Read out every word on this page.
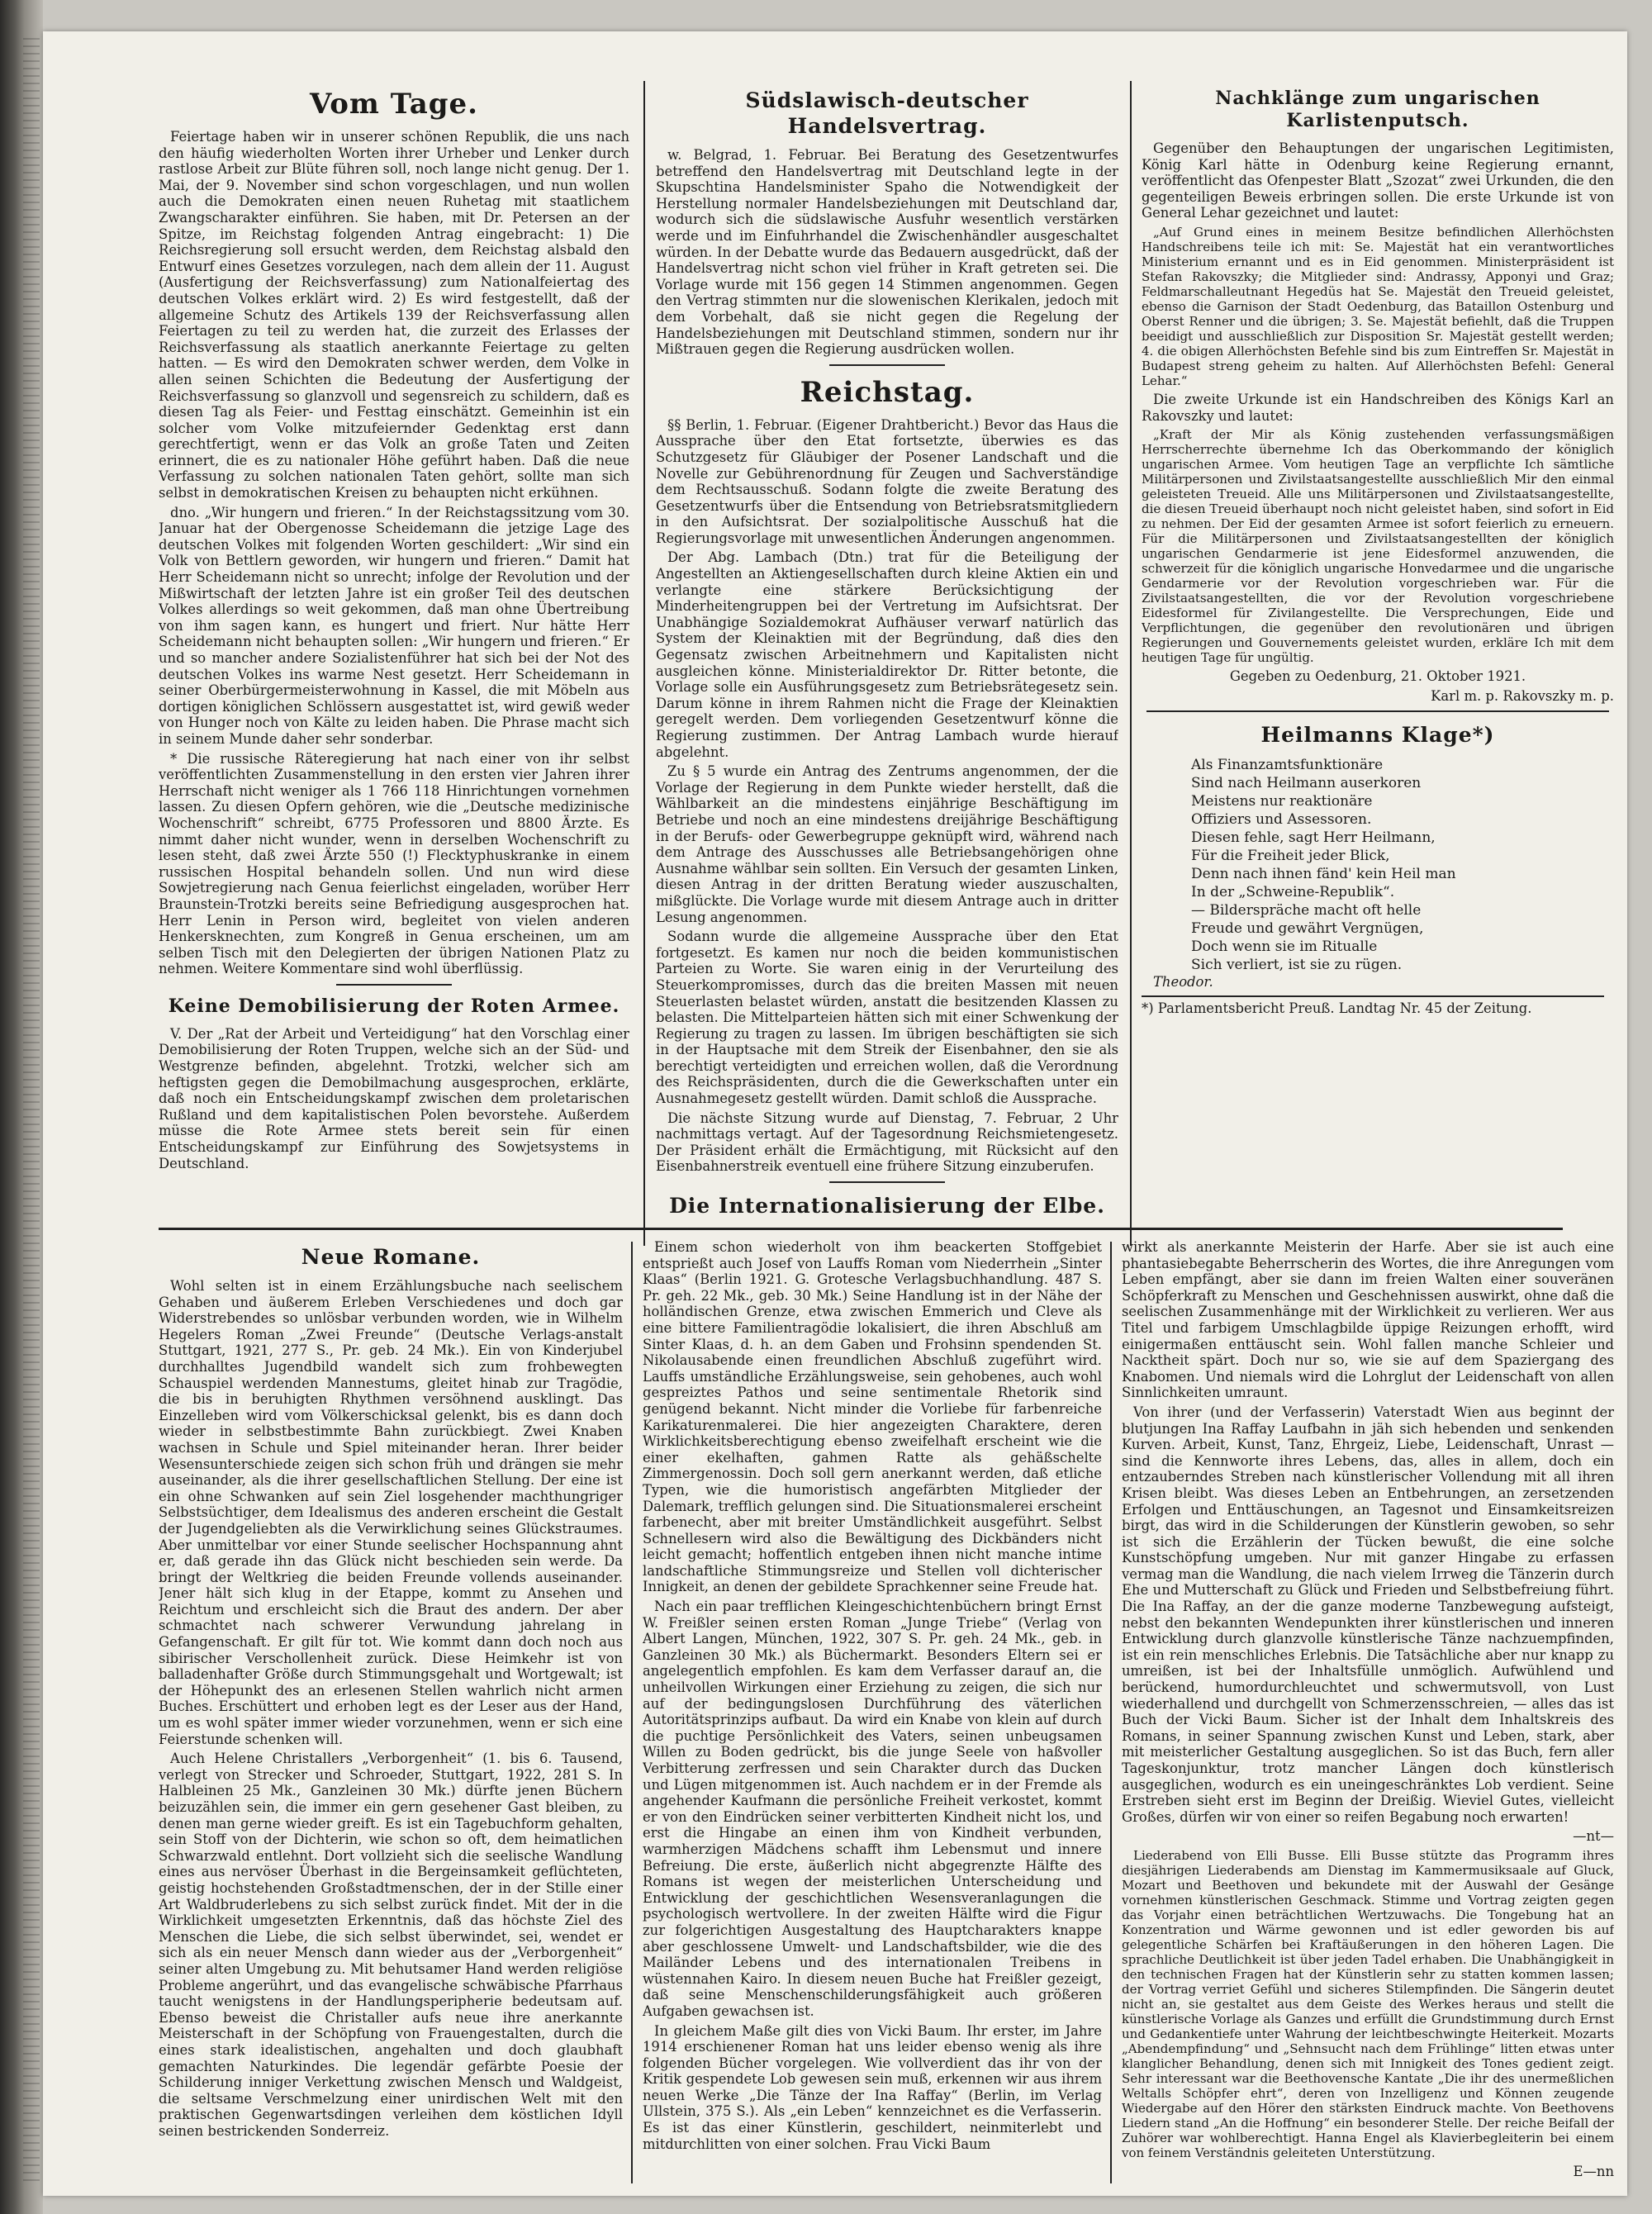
Vom Tage.

Feiertage haben wir in unserer schönen Republik, die uns nach den häufig wiederholten Worten ihrer Urheber und Lenker durch rastlose Arbeit zur Blüte führen soll, noch lange nicht genug. Der 1. Mai, der 9. November sind schon vorgeschlagen, und nun wollen auch die Demokraten einen neuen Ruhetag mit staatlichem Zwangscharakter einführen. Sie haben, mit Dr. Petersen an der Spitze, im Reichstag folgenden Antrag eingebracht: 1) Die Reichsregierung soll ersucht werden, dem Reichstag alsbald den Entwurf eines Gesetzes vorzulegen, nach dem allein der 11. August (Ausfertigung der Reichsverfassung) zum Nationalfeiertag des deutschen Volkes erklärt wird. 2) Es wird festgestellt, daß der allgemeine Schutz des Artikels 139 der Reichsverfassung allen Feiertagen zu teil zu werden hat, die zurzeit des Erlasses der Reichsverfassung als staatlich anerkannte Feiertage zu gelten hatten. — Es wird den Demokraten schwer werden, dem Volke in allen seinen Schichten die Bedeutung der Ausfertigung der Reichsverfassung so glanzvoll und segensreich zu schildern, daß es diesen Tag als Feier- und Festtag einschätzt. Gemeinhin ist ein solcher vom Volke mitzufeiernder Gedenktag erst dann gerechtfertigt, wenn er das Volk an große Taten und Zeiten erinnert, die es zu nationaler Höhe geführt haben. Daß die neue Verfassung zu solchen nationalen Taten gehört, sollte man sich selbst in demokratischen Kreisen zu behaupten nicht erkühnen.

dno. „Wir hungern und frieren.“ In der Reichstagssitzung vom 30. Januar hat der Obergenosse Scheidemann die jetzige Lage des deutschen Volkes mit folgenden Worten geschildert: „Wir sind ein Volk von Bettlern geworden, wir hungern und frieren.“ Damit hat Herr Scheidemann nicht so unrecht; infolge der Revolution und der Mißwirtschaft der letzten Jahre ist ein großer Teil des deutschen Volkes allerdings so weit gekommen, daß man ohne Übertreibung von ihm sagen kann, es hungert und friert. Nur hätte Herr Scheidemann nicht behaupten sollen: „Wir hungern und frieren.“ Er und so mancher andere Sozialistenführer hat sich bei der Not des deutschen Volkes ins warme Nest gesetzt. Herr Scheidemann in seiner Oberbürgermeisterwohnung in Kassel, die mit Möbeln aus dortigen königlichen Schlössern ausgestattet ist, wird gewiß weder von Hunger noch von Kälte zu leiden haben. Die Phrase macht sich in seinem Munde daher sehr sonderbar.

* Die russische Räteregierung hat nach einer von ihr selbst veröffentlichten Zusammenstellung in den ersten vier Jahren ihrer Herrschaft nicht weniger als 1 766 118 Hinrichtungen vornehmen lassen. Zu diesen Opfern gehören, wie die „Deutsche medizinische Wochenschrift“ schreibt, 6775 Professoren und 8800 Ärzte. Es nimmt daher nicht wunder, wenn in derselben Wochenschrift zu lesen steht, daß zwei Ärzte 550 (!) Flecktyphuskranke in einem russischen Hospital behandeln sollen. Und nun wird diese Sowjetregierung nach Genua feierlichst eingeladen, worüber Herr Braunstein-Trotzki bereits seine Befriedigung ausgesprochen hat. Herr Lenin in Person wird, begleitet von vielen anderen Henkersknechten, zum Kongreß in Genua erscheinen, um am selben Tisch mit den Delegierten der übrigen Nationen Platz zu nehmen. Weitere Kommentare sind wohl überflüssig.

Keine Demobilisierung der Roten Armee.

V. Der „Rat der Arbeit und Verteidigung“ hat den Vorschlag einer Demobilisierung der Roten Truppen, welche sich an der Süd- und Westgrenze befinden, abgelehnt. Trotzki, welcher sich am heftigsten gegen die Demobilmachung ausgesprochen, erklärte, daß noch ein Entscheidungskampf zwischen dem proletarischen Rußland und dem kapitalistischen Polen bevorstehe. Außerdem müsse die Rote Armee stets bereit sein für einen Entscheidungskampf zur Einführung des Sowjetsystems in Deutschland.

Südslawisch-deutscher Handelsvertrag.

w. Belgrad, 1. Februar. Bei Beratung des Gesetzentwurfes betreffend den Handelsvertrag mit Deutschland legte in der Skupschtina Handelsminister Spaho die Notwendigkeit der Herstellung normaler Handelsbeziehungen mit Deutschland dar, wodurch sich die südslawische Ausfuhr wesentlich verstärken werde und im Einfuhrhandel die Zwischenhändler ausgeschaltet würden. In der Debatte wurde das Bedauern ausgedrückt, daß der Handelsvertrag nicht schon viel früher in Kraft getreten sei. Die Vorlage wurde mit 156 gegen 14 Stimmen angenommen. Gegen den Vertrag stimmten nur die slowenischen Klerikalen, jedoch mit dem Vorbehalt, daß sie nicht gegen die Regelung der Handelsbeziehungen mit Deutschland stimmen, sondern nur ihr Mißtrauen gegen die Regierung ausdrücken wollen.

Reichstag.

§§ Berlin, 1. Februar. (Eigener Drahtbericht.) Bevor das Haus die Aussprache über den Etat fortsetzte, überwies es das Schutzgesetz für Gläubiger der Posener Landschaft und die Novelle zur Gebührenordnung für Zeugen und Sachverständige dem Rechtsausschuß. Sodann folgte die zweite Beratung des Gesetzentwurfs über die Entsendung von Betriebsratsmitgliedern in den Aufsichtsrat. Der sozialpolitische Ausschuß hat die Regierungsvorlage mit unwesentlichen Änderungen angenommen.

Der Abg. Lambach (Dtn.) trat für die Beteiligung der Angestellten an Aktiengesellschaften durch kleine Aktien ein und verlangte eine stärkere Berücksichtigung der Minderheitengruppen bei der Vertretung im Aufsichtsrat. Der Unabhängige Sozialdemokrat Aufhäuser verwarf natürlich das System der Kleinaktien mit der Begründung, daß dies den Gegensatz zwischen Arbeitnehmern und Kapitalisten nicht ausgleichen könne. Ministerialdirektor Dr. Ritter betonte, die Vorlage solle ein Ausführungsgesetz zum Betriebsrätegesetz sein. Darum könne in ihrem Rahmen nicht die Frage der Kleinaktien geregelt werden. Dem vorliegenden Gesetzentwurf könne die Regierung zustimmen. Der Antrag Lambach wurde hierauf abgelehnt.

Zu § 5 wurde ein Antrag des Zentrums angenommen, der die Vorlage der Regierung in dem Punkte wieder herstellt, daß die Wählbarkeit an die mindestens einjährige Beschäftigung im Betriebe und noch an eine mindestens dreijährige Beschäftigung in der Berufs- oder Gewerbegruppe geknüpft wird, während nach dem Antrage des Ausschusses alle Betriebsangehörigen ohne Ausnahme wählbar sein sollten. Ein Versuch der gesamten Linken, diesen Antrag in der dritten Beratung wieder auszuschalten, mißglückte. Die Vorlage wurde mit diesem Antrage auch in dritter Lesung angenommen.

Sodann wurde die allgemeine Aussprache über den Etat fortgesetzt. Es kamen nur noch die beiden kommunistischen Parteien zu Worte. Sie waren einig in der Verurteilung des Steuerkompromisses, durch das die breiten Massen mit neuen Steuerlasten belastet würden, anstatt die besitzenden Klassen zu belasten. Die Mittelparteien hätten sich mit einer Schwenkung der Regierung zu tragen zu lassen. Im übrigen beschäftigten sie sich in der Hauptsache mit dem Streik der Eisenbahner, den sie als berechtigt verteidigten und erreichen wollen, daß die Verordnung des Reichspräsidenten, durch die die Gewerkschaften unter ein Ausnahmegesetz gestellt würden. Damit schloß die Aussprache.

Die nächste Sitzung wurde auf Dienstag, 7. Februar, 2 Uhr nachmittags vertagt. Auf der Tagesordnung Reichsmietengesetz. Der Präsident erhält die Ermächtigung, mit Rücksicht auf den Eisenbahnerstreik eventuell eine frühere Sitzung einzuberufen.

Die Internationalisierung der Elbe.

Nachklänge zum ungarischen Karlistenputsch.

Gegenüber den Behauptungen der ungarischen Legitimisten, König Karl hätte in Odenburg keine Regierung ernannt, veröffentlicht das Ofenpester Blatt „Szozat“ zwei Urkunden, die den gegenteiligen Beweis erbringen sollen. Die erste Urkunde ist von General Lehar gezeichnet und lautet:

„Auf Grund eines in meinem Besitze befindlichen Allerhöchsten Handschreibens teile ich mit: Se. Majestät hat ein verantwortliches Ministerium ernannt und es in Eid genommen. Ministerpräsident ist Stefan Rakovszky; die Mitglieder sind: Andrassy, Apponyi und Graz; Feldmarschalleutnant Hegedüs hat Se. Majestät den Treueid geleistet, ebenso die Garnison der Stadt Oedenburg, das Bataillon Ostenburg und Oberst Renner und die übrigen; 3. Se. Majestät befiehlt, daß die Truppen beeidigt und ausschließlich zur Disposition Sr. Majestät gestellt werden; 4. die obigen Allerhöchsten Befehle sind bis zum Eintreffen Sr. Majestät in Budapest streng geheim zu halten. Auf Allerhöchsten Befehl: General Lehar.“

Die zweite Urkunde ist ein Handschreiben des Königs Karl an Rakovszky und lautet:

„Kraft der Mir als König zustehenden verfassungsmäßigen Herrscherrechte übernehme Ich das Oberkommando der königlich ungarischen Armee. Vom heutigen Tage an verpflichte Ich sämtliche Militärpersonen und Zivilstaatsangestellte ausschließlich Mir den einmal geleisteten Treueid. Alle uns Militärpersonen und Zivilstaatsangestellte, die diesen Treueid überhaupt noch nicht geleistet haben, sind sofort in Eid zu nehmen. Der Eid der gesamten Armee ist sofort feierlich zu erneuern. Für die Militärpersonen und Zivilstaatsangestellten der königlich ungarischen Gendarmerie ist jene Eidesformel anzuwenden, die schwerzeit für die königlich ungarische Honvedarmee und die ungarische Gendarmerie vor der Revolution vorgeschrieben war. Für die Zivilstaatsangestellten, die vor der Revolution vorgeschriebene Eidesformel für Zivilangestellte. Die Versprechungen, Eide und Verpflichtungen, die gegenüber den revolutionären und übrigen Regierungen und Gouvernements geleistet wurden, erkläre Ich mit dem heutigen Tage für ungültig.

Gegeben zu Oedenburg, 21. Oktober 1921.

Karl m. p. Rakovszky m. p.

Heilmanns Klage*)

Als Finanzamtsfunktionäre

Sind nach Heilmann auserkoren

Meistens nur reaktionäre

Offiziers und Assessoren.

Diesen fehle, sagt Herr Heilmann,

Für die Freiheit jeder Blick,

Denn nach ihnen fänd' kein Heil man

In der „Schweine-Republik“.

— Bilderspräche macht oft helle

Freude und gewährt Vergnügen,

Doch wenn sie im Ritualle

Sich verliert, ist sie zu rügen.

Theodor.

*) Parlamentsbericht Preuß. Landtag Nr. 45 der Zeitung.

Neue Romane.

Wohl selten ist in einem Erzählungsbuche nach seelischem Gehaben und äußerem Erleben Verschiedenes und doch gar Widerstrebendes so unlösbar verbunden worden, wie in Wilhelm Hegelers Roman „Zwei Freunde“ (Deutsche Verlags-anstalt Stuttgart, 1921, 277 S., Pr. geb. 24 Mk.). Ein von Kinderjubel durchhalltes Jugendbild wandelt sich zum frohbewegten Schauspiel werdenden Mannestums, gleitet hinab zur Tragödie, die bis in beruhigten Rhythmen versöhnend ausklingt. Das Einzelleben wird vom Völkerschicksal gelenkt, bis es dann doch wieder in selbstbestimmte Bahn zurückbiegt. Zwei Knaben wachsen in Schule und Spiel miteinander heran. Ihrer beider Wesensunterschiede zeigen sich schon früh und drängen sie mehr auseinander, als die ihrer gesellschaftlichen Stellung. Der eine ist ein ohne Schwanken auf sein Ziel losgehender machthungriger Selbstsüchtiger, dem Idealismus des anderen erscheint die Gestalt der Jugendgeliebten als die Verwirklichung seines Glückstraumes. Aber unmittelbar vor einer Stunde seelischer Hochspannung ahnt er, daß gerade ihn das Glück nicht beschieden sein werde. Da bringt der Weltkrieg die beiden Freunde vollends auseinander. Jener hält sich klug in der Etappe, kommt zu Ansehen und Reichtum und erschleicht sich die Braut des andern. Der aber schmachtet nach schwerer Verwundung jahrelang in Gefangenschaft. Er gilt für tot. Wie kommt dann doch noch aus sibirischer Verschollenheit zurück. Diese Heimkehr ist von balladenhafter Größe durch Stimmungsgehalt und Wortgewalt; ist der Höhepunkt des an erlesenen Stellen wahrlich nicht armen Buches. Erschüttert und erhoben legt es der Leser aus der Hand, um es wohl später immer wieder vorzunehmen, wenn er sich eine Feierstunde schenken will.

Auch Helene Christallers „Verborgenheit“ (1. bis 6. Tausend, verlegt von Strecker und Schroeder, Stuttgart, 1922, 281 S. In Halbleinen 25 Mk., Ganzleinen 30 Mk.) dürfte jenen Büchern beizuzählen sein, die immer ein gern gesehener Gast bleiben, zu denen man gerne wieder greift. Es ist ein Tagebuchform gehalten, sein Stoff von der Dichterin, wie schon so oft, dem heimatlichen Schwarzwald entlehnt. Dort vollzieht sich die seelische Wandlung eines aus nervöser Überhast in die Bergeinsamkeit geflüchteten, geistig hochstehenden Großstadtmenschen, der in der Stille einer Art Waldbruderlebens zu sich selbst zurück findet. Mit der in die Wirklichkeit umgesetzten Erkenntnis, daß das höchste Ziel des Menschen die Liebe, die sich selbst überwindet, sei, wendet er sich als ein neuer Mensch dann wieder aus der „Verborgenheit“ seiner alten Umgebung zu. Mit behutsamer Hand werden religiöse Probleme angerührt, und das evangelische schwäbische Pfarrhaus taucht wenigstens in der Handlungsperipherie bedeutsam auf. Ebenso beweist die Christaller aufs neue ihre anerkannte Meisterschaft in der Schöpfung von Frauengestalten, durch die eines stark idealistischen, angehalten und doch glaubhaft gemachten Naturkindes. Die legendär gefärbte Poesie der Schilderung inniger Verkettung zwischen Mensch und Waldgeist, die seltsame Verschmelzung einer unirdischen Welt mit den praktischen Gegenwartsdingen verleihen dem köstlichen Idyll seinen bestrickenden Sonderreiz.

Einem schon wiederholt von ihm beackerten Stoffgebiet entsprießt auch Josef von Lauffs Roman vom Niederrhein „Sinter Klaas“ (Berlin 1921. G. Grotesche Verlagsbuchhandlung. 487 S. Pr. geh. 22 Mk., geb. 30 Mk.) Seine Handlung ist in der Nähe der holländischen Grenze, etwa zwischen Emmerich und Cleve als eine bittere Familientragödie lokalisiert, die ihren Abschluß am Sinter Klaas, d. h. an dem Gaben und Frohsinn spendenden St. Nikolausabende einen freundlichen Abschluß zugeführt wird. Lauffs umständliche Erzählungsweise, sein gehobenes, auch wohl gespreiztes Pathos und seine sentimentale Rhetorik sind genügend bekannt. Nicht minder die Vorliebe für farbenreiche Karikaturenmalerei. Die hier angezeigten Charaktere, deren Wirklichkeitsberechtigung ebenso zweifelhaft erscheint wie die einer ekelhaften, gahmen Ratte als gehäßschelte Zimmergenossin. Doch soll gern anerkannt werden, daß etliche Typen, wie die humoristisch angefärbten Mitglieder der Dalemark, trefflich gelungen sind. Die Situationsmalerei erscheint farbenecht, aber mit breiter Umständlichkeit ausgeführt. Selbst Schnellesern wird also die Bewältigung des Dickbänders nicht leicht gemacht; hoffentlich entgeben ihnen nicht manche intime landschaftliche Stimmungsreize und Stellen voll dichterischer Innigkeit, an denen der gebildete Sprachkenner seine Freude hat.

Nach ein paar trefflichen Kleingeschichtenbüchern bringt Ernst W. Freißler seinen ersten Roman „Junge Triebe“ (Verlag von Albert Langen, München, 1922, 307 S. Pr. geh. 24 Mk., geb. in Ganzleinen 30 Mk.) als Büchermarkt. Besonders Eltern sei er angelegentlich empfohlen. Es kam dem Verfasser darauf an, die unheilvollen Wirkungen einer Erziehung zu zeigen, die sich nur auf der bedingungslosen Durchführung des väterlichen Autoritätsprinzips aufbaut. Da wird ein Knabe von klein auf durch die puchtige Persönlichkeit des Vaters, seinen unbeugsamen Willen zu Boden gedrückt, bis die junge Seele von haßvoller Verbitterung zerfressen und sein Charakter durch das Ducken und Lügen mitgenommen ist. Auch nachdem er in der Fremde als angehender Kaufmann die persönliche Freiheit verkostet, kommt er von den Eindrücken seiner verbitterten Kindheit nicht los, und erst die Hingabe an einen ihm von Kindheit verbunden, warmherzigen Mädchens schafft ihm Lebensmut und innere Befreiung. Die erste, äußerlich nicht abgegrenzte Hälfte des Romans ist wegen der meisterlichen Unterscheidung und Entwicklung der geschichtlichen Wesensveranlagungen die psychologisch wertvollere. In der zweiten Hälfte wird die Figur zur folgerichtigen Ausgestaltung des Hauptcharakters knappe aber geschlossene Umwelt- und Landschaftsbilder, wie die des Mailänder Lebens und des internationalen Treibens in wüstennahen Kairo. In diesem neuen Buche hat Freißler gezeigt, daß seine Menschenschilderungsfähigkeit auch größeren Aufgaben gewachsen ist.

In gleichem Maße gilt dies von Vicki Baum. Ihr erster, im Jahre 1914 erschienener Roman hat uns leider ebenso wenig als ihre folgenden Bücher vorgelegen. Wie vollverdient das ihr von der Kritik gespendete Lob gewesen sein muß, erkennen wir aus ihrem neuen Werke „Die Tänze der Ina Raffay“ (Berlin, im Verlag Ullstein, 375 S.). Als „ein Leben“ kennzeichnet es die Verfasserin. Es ist das einer Künstlerin, geschildert, neinmiterlebt und mitdurchlitten von einer solchen. Frau Vicki Baum

wirkt als anerkannte Meisterin der Harfe. Aber sie ist auch eine phantasiebegabte Beherrscherin des Wortes, die ihre Anregungen vom Leben empfängt, aber sie dann im freien Walten einer souveränen Schöpferkraft zu Menschen und Geschehnissen auswirkt, ohne daß die seelischen Zusammenhänge mit der Wirklichkeit zu verlieren. Wer aus Titel und farbigem Umschlagbilde üppige Reizungen erhofft, wird einigermaßen enttäuscht sein. Wohl fallen manche Schleier und Nacktheit spärt. Doch nur so, wie sie auf dem Spaziergang des Knabomen. Und niemals wird die Lohrglut der Leidenschaft von allen Sinnlichkeiten umraunt.

Von ihrer (und der Verfasserin) Vaterstadt Wien aus beginnt der blutjungen Ina Raffay Laufbahn in jäh sich hebenden und senkenden Kurven. Arbeit, Kunst, Tanz, Ehrgeiz, Liebe, Leidenschaft, Unrast — sind die Kennworte ihres Lebens, das, alles in allem, doch ein entzauberndes Streben nach künstlerischer Vollendung mit all ihren Krisen bleibt. Was dieses Leben an Entbehrungen, an zersetzenden Erfolgen und Enttäuschungen, an Tagesnot und Einsamkeitsreizen birgt, das wird in die Schilderungen der Künstlerin gewoben, so sehr ist sich die Erzählerin der Tücken bewußt, die eine solche Kunstschöpfung umgeben. Nur mit ganzer Hingabe zu erfassen vermag man die Wandlung, die nach vielem Irrweg die Tänzerin durch Ehe und Mutterschaft zu Glück und Frieden und Selbstbefreiung führt. Die Ina Raffay, an der die ganze moderne Tanzbewegung aufsteigt, nebst den bekannten Wendepunkten ihrer künstlerischen und inneren Entwicklung durch glanzvolle künstlerische Tänze nachzuempfinden, ist ein rein menschliches Erlebnis. Die Tatsächliche aber nur knapp zu umreißen, ist bei der Inhaltsfülle unmöglich. Aufwühlend und berückend, humordurchleuchtet und schwermutsvoll, von Lust wiederhallend und durchgellt von Schmerzensschreien, — alles das ist Buch der Vicki Baum. Sicher ist der Inhalt dem Inhaltskreis des Romans, in seiner Spannung zwischen Kunst und Leben, stark, aber mit meisterlicher Gestaltung ausgeglichen. So ist das Buch, fern aller Tageskonjunktur, trotz mancher Längen doch künstlerisch ausgeglichen, wodurch es ein uneingeschränktes Lob verdient. Seine Erstreben sieht erst im Beginn der Dreißig. Wieviel Gutes, vielleicht Großes, dürfen wir von einer so reifen Begabung noch erwarten!

—nt—

Liederabend von Elli Busse. Elli Busse stützte das Programm ihres diesjährigen Liederabends am Dienstag im Kammermusiksaale auf Gluck, Mozart und Beethoven und bekundete mit der Auswahl der Gesänge vornehmen künstlerischen Geschmack. Stimme und Vortrag zeigten gegen das Vorjahr einen beträchtlichen Wertzuwachs. Die Tongebung hat an Konzentration und Wärme gewonnen und ist edler geworden bis auf gelegentliche Schärfen bei Kraftäußerungen in den höheren Lagen. Die sprachliche Deutlichkeit ist über jeden Tadel erhaben. Die Unabhängigkeit in den technischen Fragen hat der Künstlerin sehr zu statten kommen lassen; der Vortrag verriet Gefühl und sicheres Stilempfinden. Die Sängerin deutet nicht an, sie gestaltet aus dem Geiste des Werkes heraus und stellt die künstlerische Vorlage als Ganzes und erfüllt die Grundstimmung durch Ernst und Gedankentiefe unter Wahrung der leichtbeschwingte Heiterkeit. Mozarts „Abendempfindung“ und „Sehnsucht nach dem Frühlinge“ litten etwas unter klanglicher Behandlung, denen sich mit Innigkeit des Tones gedient zeigt. Sehr interessant war die Beethovensche Kantate „Die ihr des unermeßlichen Weltalls Schöpfer ehrt“, deren von Inzelligenz und Können zeugende Wiedergabe auf den Hörer den stärksten Eindruck machte. Von Beethovens Liedern stand „An die Hoffnung“ ein besonderer Stelle. Der reiche Beifall der Zuhörer war wohlberechtigt. Hanna Engel als Klavierbegleiterin bei einem von feinem Verständnis geleiteten Unterstützung.

E—nn
